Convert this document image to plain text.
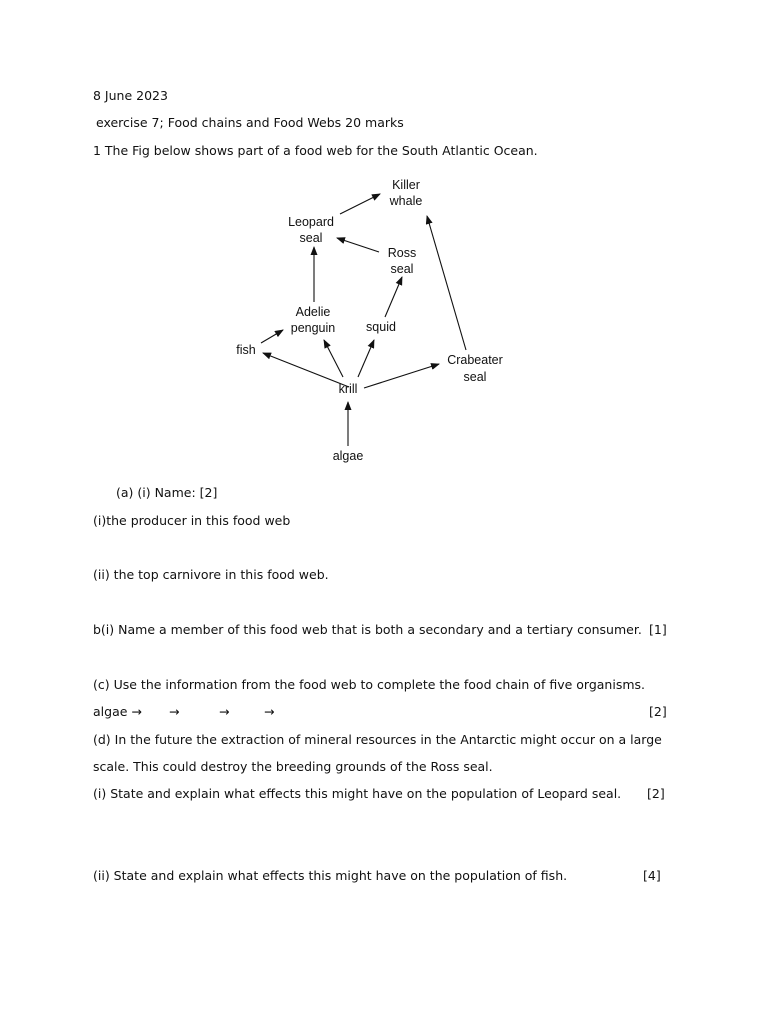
8 June 2023
exercise 7; Food chains and Food Webs 20 marks
1 The Fig below shows part of a food web for the South Atlantic Ocean.
Killer
whale
Leopard
seal
Ross
seal
Adelie
penguin squid
fish
Crabeater
seal
krill
algae
(a) (i) Name: [2]
(i)the producer in this food web
(ii) the top carnivore in this food web.
b(i) Name a member of this food web that is both a secondary and a tertiary consumer. [1]
(c) Use the information from the food web to complete the food chain of five organisms.
algae → →	→	→	[2]
(d) In the future the extraction of mineral resources in the Antarctic might occur on a large
scale. This could destroy the breeding grounds of the Ross seal.
(i) State and explain what effects this might have on the population of Leopard seal. [2]
(ii) State and explain what effects this might have on the population of fish.	[4]
